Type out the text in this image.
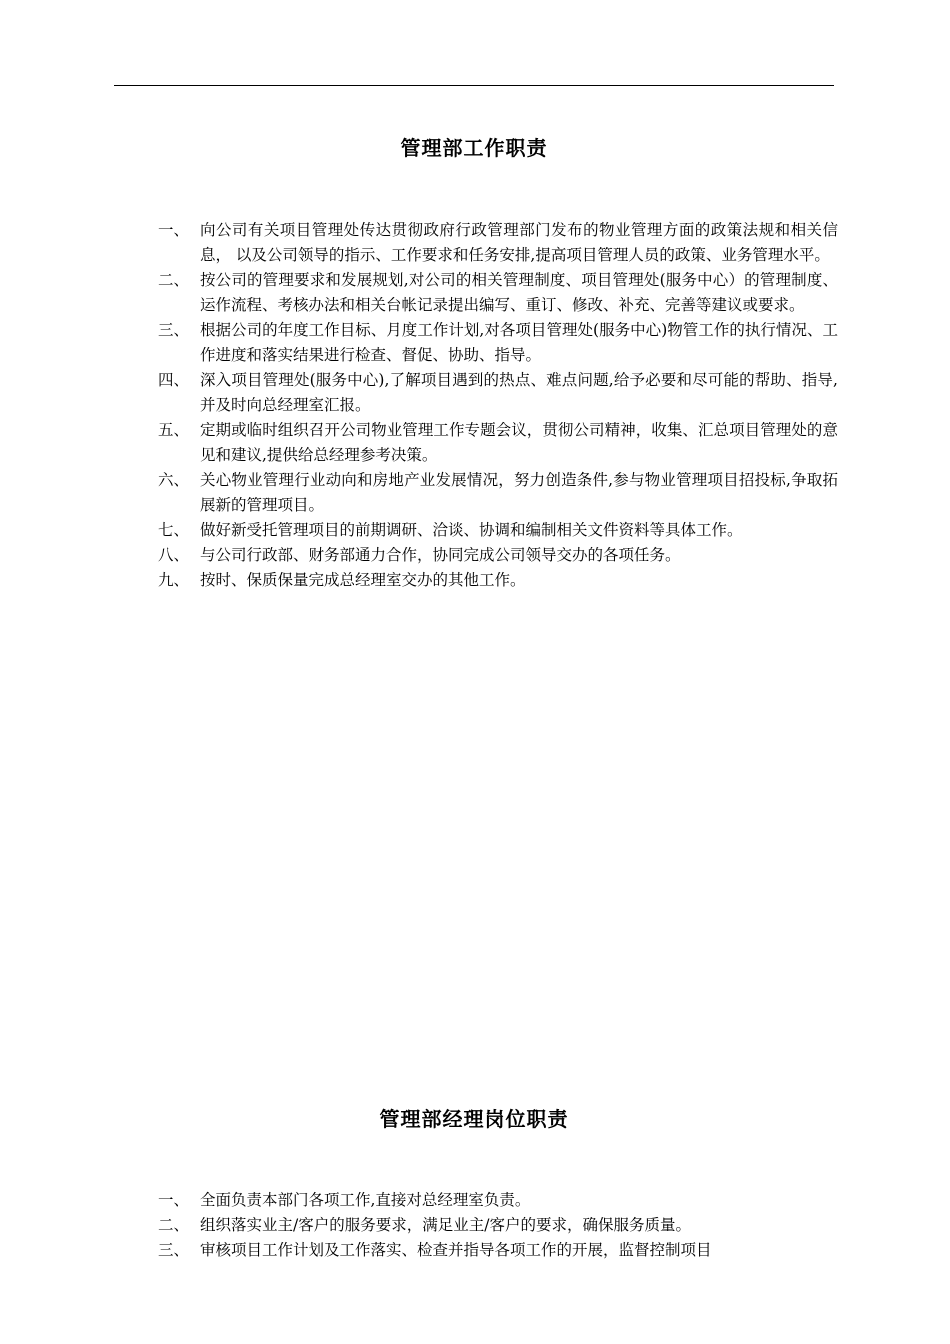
管理部工作职责
一、 向公司有关项目管理处传达贯彻政府行政管理部门发布的物业管理方面的政策法规和相关信息， 以及公司领导的指示、工作要求和任务安排,提高项目管理人员的政策、业务管理水平。
二、 按公司的管理要求和发展规划,对公司的相关管理制度、项目管理处(服务中心）的管理制度、运作流程、考核办法和相关台帐记录提出编写、重订、修改、补充、完善等建议或要求。
三、 根据公司的年度工作目标、月度工作计划,对各项目管理处(服务中心)物管工作的执行情况、工作进度和落实结果进行检查、督促、协助、指导。
四、 深入项目管理处(服务中心),了解项目遇到的热点、难点问题,给予必要和尽可能的帮助、指导,并及时向总经理室汇报。
五、 定期或临时组织召开公司物业管理工作专题会议，贯彻公司精神，收集、汇总项目管理处的意见和建议,提供给总经理参考决策。
六、 关心物业管理行业动向和房地产业发展情况，努力创造条件,参与物业管理项目招投标,争取拓展新的管理项目。
七、 做好新受托管理项目的前期调研、洽谈、协调和编制相关文件资料等具体工作。
八、 与公司行政部、财务部通力合作，协同完成公司领导交办的各项任务。
九、 按时、保质保量完成总经理室交办的其他工作。
管理部经理岗位职责
一、 全面负责本部门各项工作,直接对总经理室负责。
二、 组织落实业主/客户的服务要求，满足业主/客户的要求，确保服务质量。
三、 审核项目工作计划及工作落实、检查并指导各项工作的开展，监督控制项目
